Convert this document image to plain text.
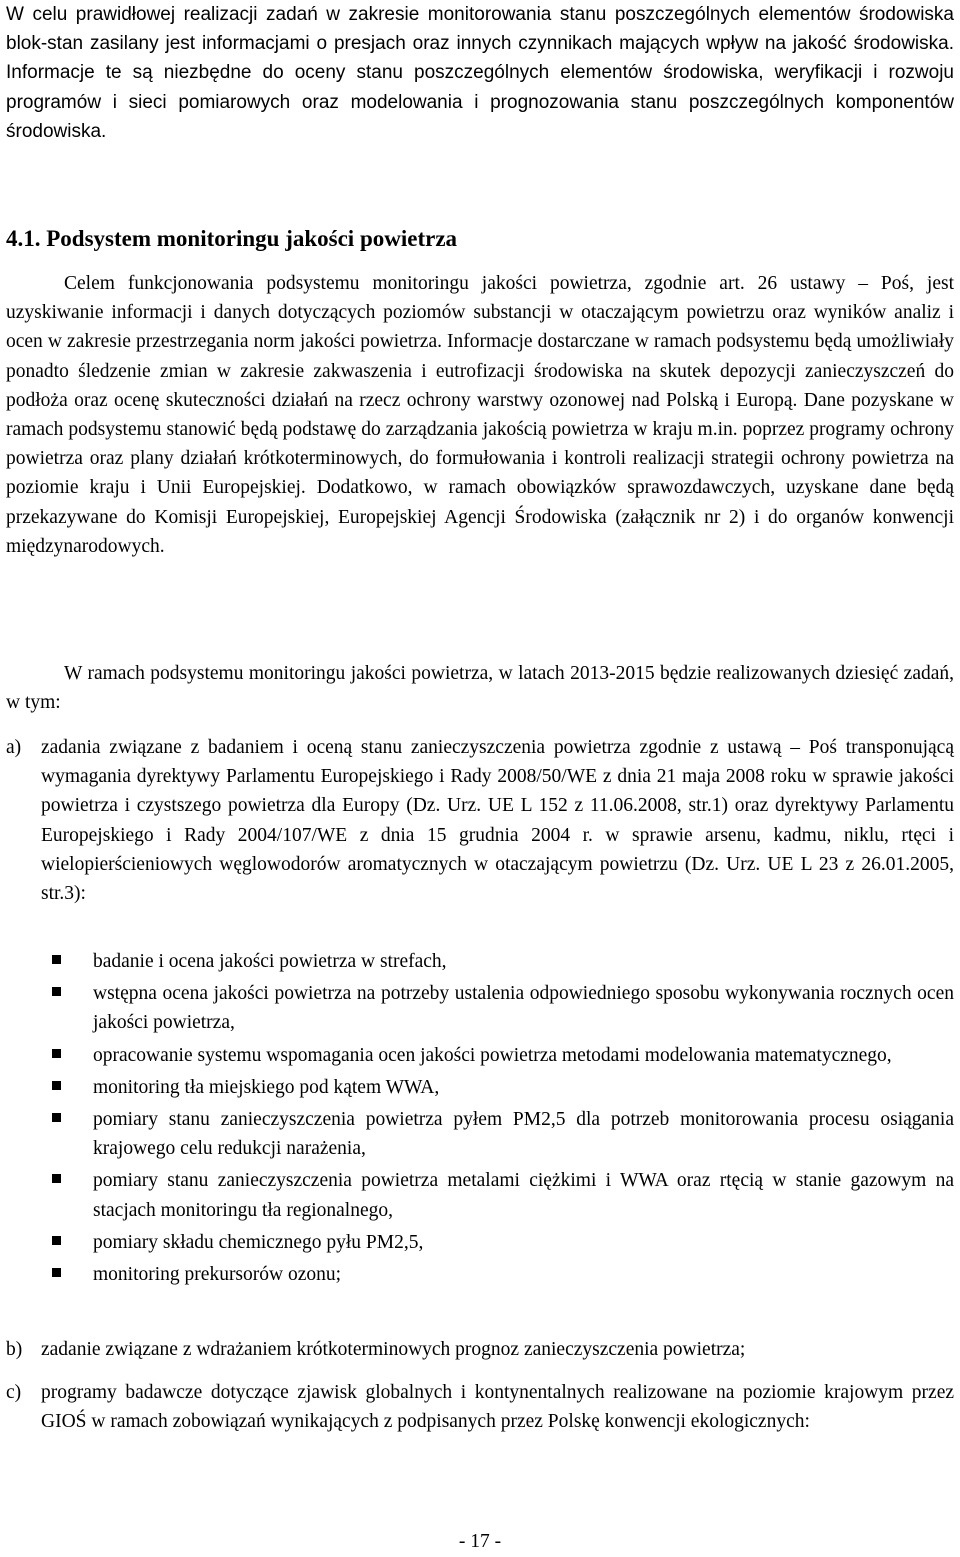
W celu prawidłowej realizacji zadań w zakresie monitorowania stanu poszczególnych elementów środowiska blok-stan zasilany jest informacjami o presjach oraz innych czynnikach mających wpływ na jakość środowiska. Informacje te są niezbędne do oceny stanu poszczególnych elementów środowiska, weryfikacji i rozwoju programów i sieci pomiarowych oraz modelowania i prognozowania stanu poszczególnych komponentów środowiska.

4.1. Podsystem monitoringu jakości powietrza

Celem funkcjonowania podsystemu monitoringu jakości powietrza, zgodnie art. 26 ustawy – Poś, jest uzyskiwanie informacji i danych dotyczących poziomów substancji w otaczającym powietrzu oraz wyników analiz i ocen w zakresie przestrzegania norm jakości powietrza. Informacje dostarczane w ramach podsystemu będą umożliwiały ponadto śledzenie zmian w zakresie zakwaszenia i eutrofizacji środowiska na skutek depozycji zanieczyszczeń do podłoża oraz ocenę skuteczności działań na rzecz ochrony warstwy ozonowej nad Polską i Europą. Dane pozyskane w ramach podsystemu stanowić będą podstawę do zarządzania jakością powietrza w kraju m.in. poprzez programy ochrony powietrza oraz plany działań krótkoterminowych, do formułowania i kontroli realizacji strategii ochrony powietrza na poziomie kraju i Unii Europejskiej. Dodatkowo, w ramach obowiązków sprawozdawczych, uzyskane dane będą przekazywane do Komisji Europejskiej, Europejskiej Agencji Środowiska (załącznik nr 2) i do organów konwencji międzynarodowych.

W ramach podsystemu monitoringu jakości powietrza, w latach 2013-2015 będzie realizowanych dziesięć zadań, w tym:

a) zadania związane z badaniem i oceną stanu zanieczyszczenia powietrza zgodnie z ustawą – Poś transponującą wymagania dyrektywy Parlamentu Europejskiego i Rady 2008/50/WE z dnia 21 maja 2008 roku w sprawie jakości powietrza i czystszego powietrza dla Europy (Dz. Urz. UE L 152 z 11.06.2008, str.1) oraz dyrektywy Parlamentu Europejskiego i Rady 2004/107/WE z dnia 15 grudnia 2004 r. w sprawie arsenu, kadmu, niklu, rtęci i wielopierścieniowych węglowodorów aromatycznych w otaczającym powietrzu (Dz. Urz. UE L 23 z 26.01.2005, str.3):
badanie i ocena jakości powietrza w strefach,
wstępna ocena jakości powietrza na potrzeby ustalenia odpowiedniego sposobu wykonywania rocznych ocen jakości powietrza,
opracowanie systemu wspomagania ocen jakości powietrza metodami modelowania matematycznego,
monitoring tła miejskiego pod kątem WWA,
pomiary stanu zanieczyszczenia powietrza pyłem PM2,5 dla potrzeb monitorowania procesu osiągania krajowego celu redukcji narażenia,
pomiary stanu zanieczyszczenia powietrza metalami ciężkimi i WWA oraz rtęcią w stanie gazowym na stacjach monitoringu tła regionalnego,
pomiary składu chemicznego pyłu PM2,5,
monitoring prekursorów ozonu;
b) zadanie związane z wdrażaniem krótkoterminowych prognoz zanieczyszczenia powietrza;
c) programy badawcze dotyczące zjawisk globalnych i kontynentalnych realizowane na poziomie krajowym przez GIOŚ w ramach zobowiązań wynikających z podpisanych przez Polskę konwencji ekologicznych:

- 17 -
